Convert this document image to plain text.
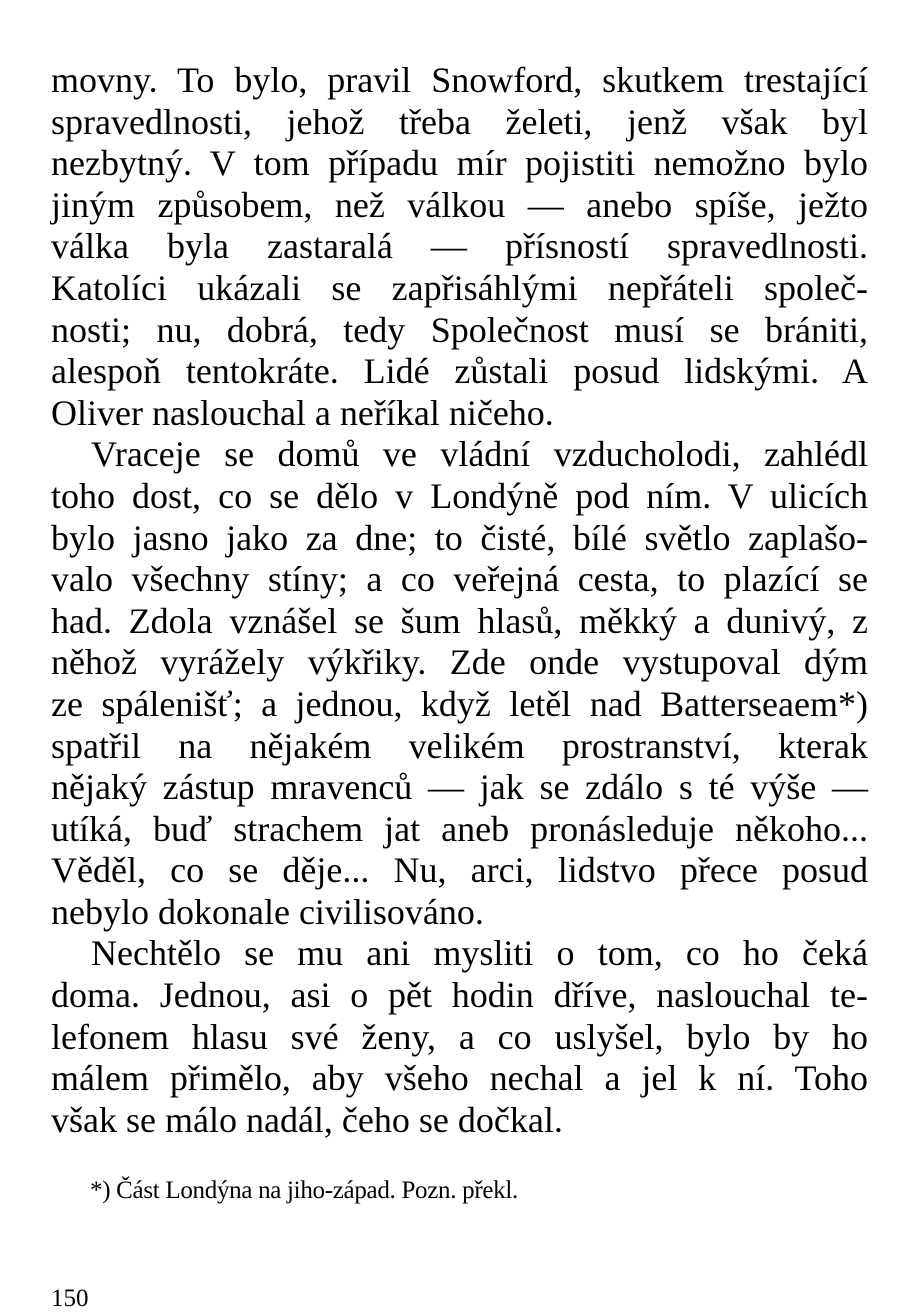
movny. To bylo, pravil Snowford, skutkem trestající
spravedlnosti, jehož třeba želeti, jenž však byl
nezbytný. V tom případu mír pojistiti nemožno bylo
jiným způsobem, než válkou — anebo spíše, ježto
válka byla zastaralá — přísností spravedlnosti.
Katolíci ukázali se zapřisáhlými nepřáteli společ-
nosti; nu, dobrá, tedy Společnost musí se brániti,
alespoň tentokráte. Lidé zůstali posud lidskými. A
Oliver naslouchal a neříkal ničeho.
Vraceje se domů ve vládní vzducholodi, zahlédl
toho dost, co se dělo v Londýně pod ním. V ulicích
bylo jasno jako za dne; to čisté, bílé světlo zaplašo-
valo všechny stíny; a co veřejná cesta, to plazící se
had. Zdola vznášel se šum hlasů, měkký a dunivý, z
něhož vyrážely výkřiky. Zde onde vystupoval dým
ze spálenišť; a jednou, když letěl nad Batterseaem*)
spatřil na nějakém velikém prostranství, kterak
nějaký zástup mravenců — jak se zdálo s té výše —
utíká, buď strachem jat aneb pronásleduje někoho...
Věděl, co se děje... Nu, arci, lidstvo přece posud
nebylo dokonale civilisováno.
Nechtělo se mu ani mysliti o tom, co ho čeká
doma. Jednou, asi o pět hodin dříve, naslouchal te-
lefonem hlasu své ženy, a co uslyšel, bylo by ho
málem přimělo, aby všeho nechal a jel k ní. Toho
však se málo nadál, čeho se dočkal.

*) Část Londýna na jiho-západ. Pozn. překl.

150
